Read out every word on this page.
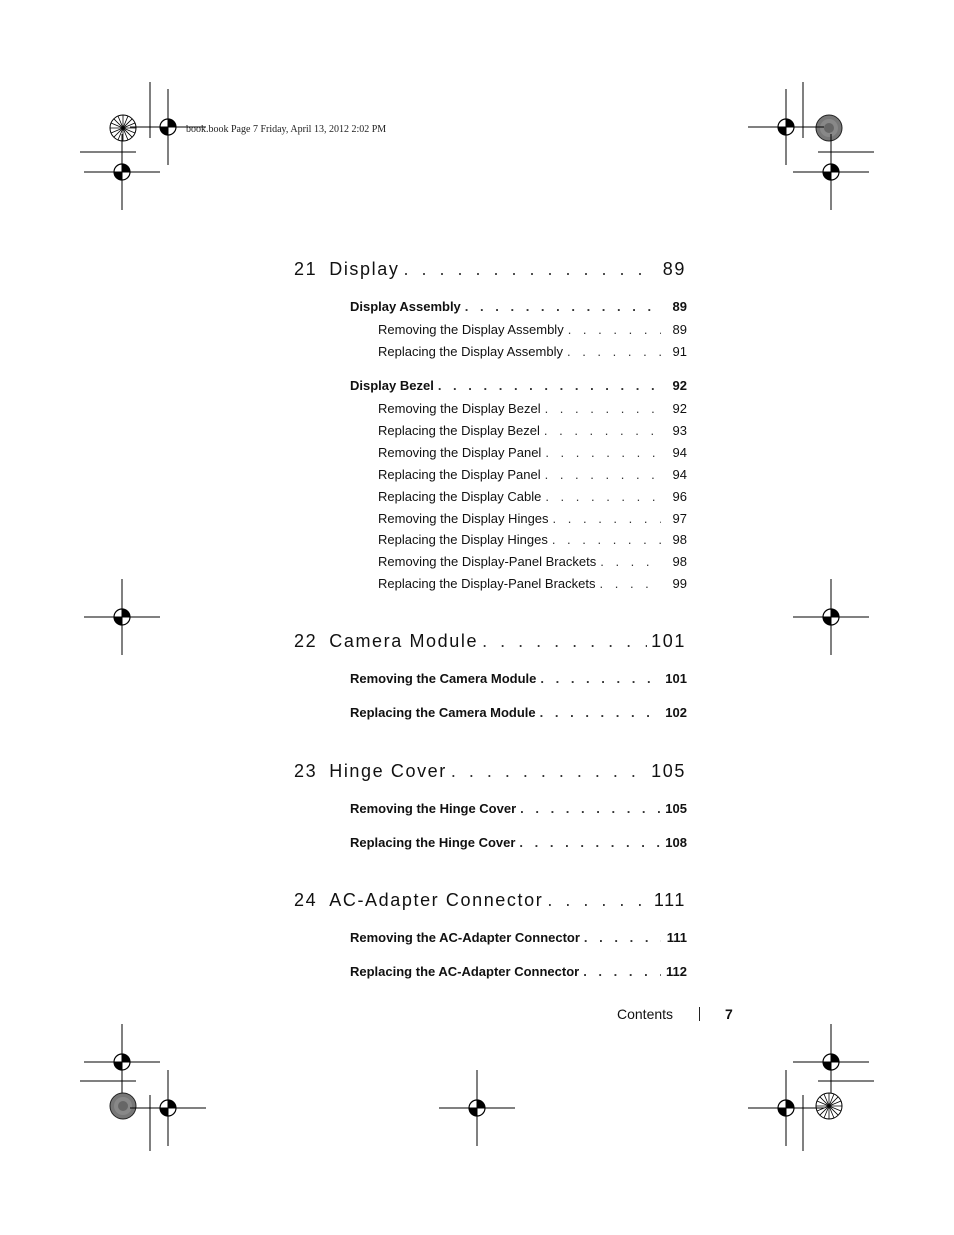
book.book Page 7 Friday, April 13, 2012 2:02 PM
21 Display . . .	89
Display Assembly . . .	89
Removing the Display Assembly . . .	89
Replacing the Display Assembly . . .	91
Display Bezel . . .	92
Removing the Display Bezel . . .	92
Replacing the Display Bezel . . .	93
Removing the Display Panel . . .	94
Replacing the Display Panel . . .	94
Replacing the Display Cable . . .	96
Removing the Display Hinges . . .	97
Replacing the Display Hinges . . .	98
Removing the Display-Panel Brackets . . .	98
Replacing the Display-Panel Brackets . . .	99
22 Camera Module . . .	101
Removing the Camera Module . . .	101
Replacing the Camera Module . . .	102
23 Hinge Cover . . .	105
Removing the Hinge Cover . . .	105
Replacing the Hinge Cover . . .	108
24 AC-Adapter Connector . . .	111
Removing the AC-Adapter Connector . . .	111
Replacing the AC-Adapter Connector . . .	112
Contents	7
